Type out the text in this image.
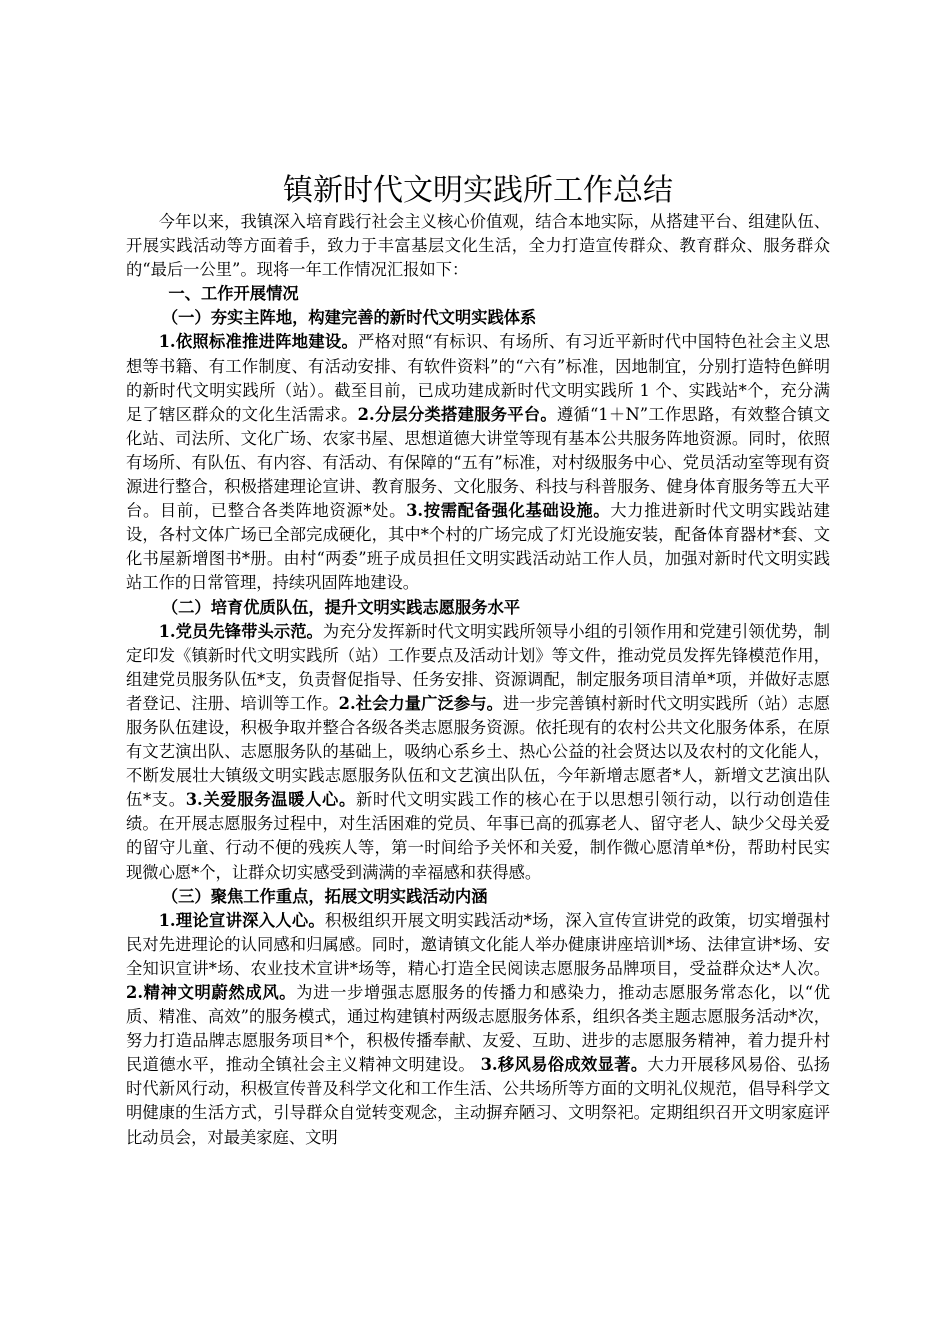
镇新时代文明实践所工作总结

今年以来，我镇深入培育践行社会主义核心价值观，结合本地实际，从搭建平台、组建队伍、开展实践活动等方面着手，致力于丰富基层文化生活，全力打造宣传群众、教育群众、服务群众的“最后一公里”。现将一年工作情况汇报如下：

一、工作开展情况

（一）夯实主阵地，构建完善的新时代文明实践体系

1.依照标准推进阵地建设。严格对照“有标识、有场所、有习近平新时代中国特色社会主义思想等书籍、有工作制度、有活动安排、有软件资料”的“六有”标准，因地制宜，分别打造特色鲜明的新时代文明实践所（站）。截至目前，已成功建成新时代文明实践所 1 个、实践站*个，充分满足了辖区群众的文化生活需求。2.分层分类搭建服务平台。遵循“1＋N”工作思路，有效整合镇文化站、司法所、文化广场、农家书屋、思想道德大讲堂等现有基本公共服务阵地资源。同时，依照有场所、有队伍、有内容、有活动、有保障的“五有”标准，对村级服务中心、党员活动室等现有资源进行整合，积极搭建理论宣讲、教育服务、文化服务、科技与科普服务、健身体育服务等五大平台。目前，已整合各类阵地资源*处。3.按需配备强化基础设施。大力推进新时代文明实践站建设，各村文体广场已全部完成硬化，其中*个村的广场完成了灯光设施安装，配备体育器材*套、文化书屋新增图书*册。由村“两委”班子成员担任文明实践活动站工作人员，加强对新时代文明实践站工作的日常管理，持续巩固阵地建设。

（二）培育优质队伍，提升文明实践志愿服务水平

1.党员先锋带头示范。为充分发挥新时代文明实践所领导小组的引领作用和党建引领优势，制定印发《镇新时代文明实践所（站）工作要点及活动计划》等文件，推动党员发挥先锋模范作用，组建党员服务队伍*支，负责督促指导、任务安排、资源调配，制定服务项目清单*项，并做好志愿者登记、注册、培训等工作。2.社会力量广泛参与。进一步完善镇村新时代文明实践所（站）志愿服务队伍建设，积极争取并整合各级各类志愿服务资源。依托现有的农村公共文化服务体系，在原有文艺演出队、志愿服务队的基础上，吸纳心系乡土、热心公益的社会贤达以及农村的文化能人，不断发展壮大镇级文明实践志愿服务队伍和文艺演出队伍，今年新增志愿者*人，新增文艺演出队伍*支。3.关爱服务温暖人心。新时代文明实践工作的核心在于以思想引领行动，以行动创造佳绩。在开展志愿服务过程中，对生活困难的党员、年事已高的孤寡老人、留守老人、缺少父母关爱的留守儿童、行动不便的残疾人等，第一时间给予关怀和关爱，制作微心愿清单*份，帮助村民实现微心愿*个，让群众切实感受到满满的幸福感和获得感。

（三）聚焦工作重点，拓展文明实践活动内涵

1.理论宣讲深入人心。积极组织开展文明实践活动*场，深入宣传宣讲党的政策，切实增强村民对先进理论的认同感和归属感。同时，邀请镇文化能人举办健康讲座培训*场、法律宣讲*场、安全知识宣讲*场、农业技术宣讲*场等，精心打造全民阅读志愿服务品牌项目，受益群众达*人次。2.精神文明蔚然成风。为进一步增强志愿服务的传播力和感染力，推动志愿服务常态化，以“优质、精准、高效”的服务模式，通过构建镇村两级志愿服务体系，组织各类主题志愿服务活动*次，努力打造品牌志愿服务项目*个，积极传播奉献、友爱、互助、进步的志愿服务精神，着力提升村民道德水平，推动全镇社会主义精神文明建设。 3.移风易俗成效显著。大力开展移风易俗、弘扬时代新风行动，积极宣传普及科学文化和工作生活、公共场所等方面的文明礼仪规范，倡导科学文明健康的生活方式，引导群众自觉转变观念，主动摒弃陋习、文明祭祀。定期组织召开文明家庭评比动员会，对最美家庭、文明
